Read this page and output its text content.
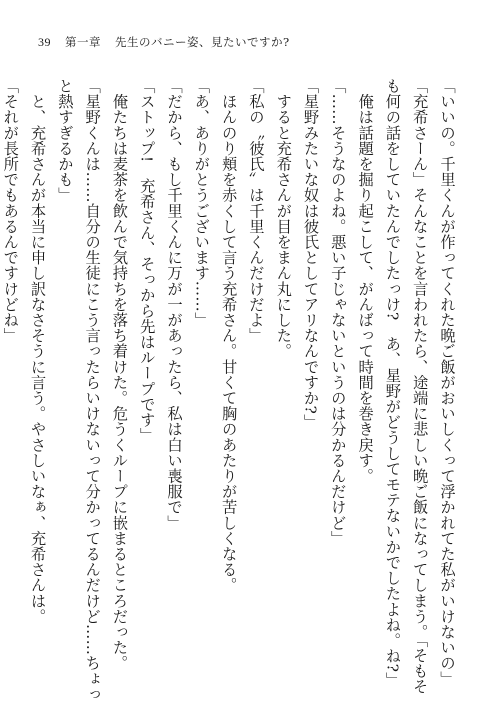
39 第一章 先生のバニー姿、見たいですか?

「いいの。千里くんが作ってくれた晩ご飯がおいしくって浮かれてた私がいけないの」

「充希さーん」そんなことを言われたら、途端に悲しい晩ご飯になってしまう。「そもそ

も何の話をしていたんでしたっけ?　あ、星野がどうしてモテないかでしたよね。ね?」

　俺は話題を掘り起こして、がんばって時間を巻き戻す。

「……そうなのよね。悪い子じゃないというのは分かるんだけど」

「星野みたいな奴は彼氏としてアリなんですか?」

　すると充希さんが目をまん丸にした。

「私の〝彼氏〟は千里くんだけだよ」

　ほんのり頬を赤くして言う充希さん。甘くて胸のあたりが苦しくなる。

「あ、ありがとうございます……」

「だから、もし千里くんに万が一があったら、私は白い喪服で」

「ストップ!　充希さん、そっから先はループです」

　俺たちは麦茶を飲んで気持ちを落ち着けた。危うくループに嵌まるところだった。

「星野くんは……自分の生徒にこう言ったらいけないって分かってるんだけど……ちょっ

と熱すぎるかも」

　と、充希さんが本当に申し訳なさそうに言う。やさしいなぁ、充希さんは。

「それが長所でもあるんですけどね」
